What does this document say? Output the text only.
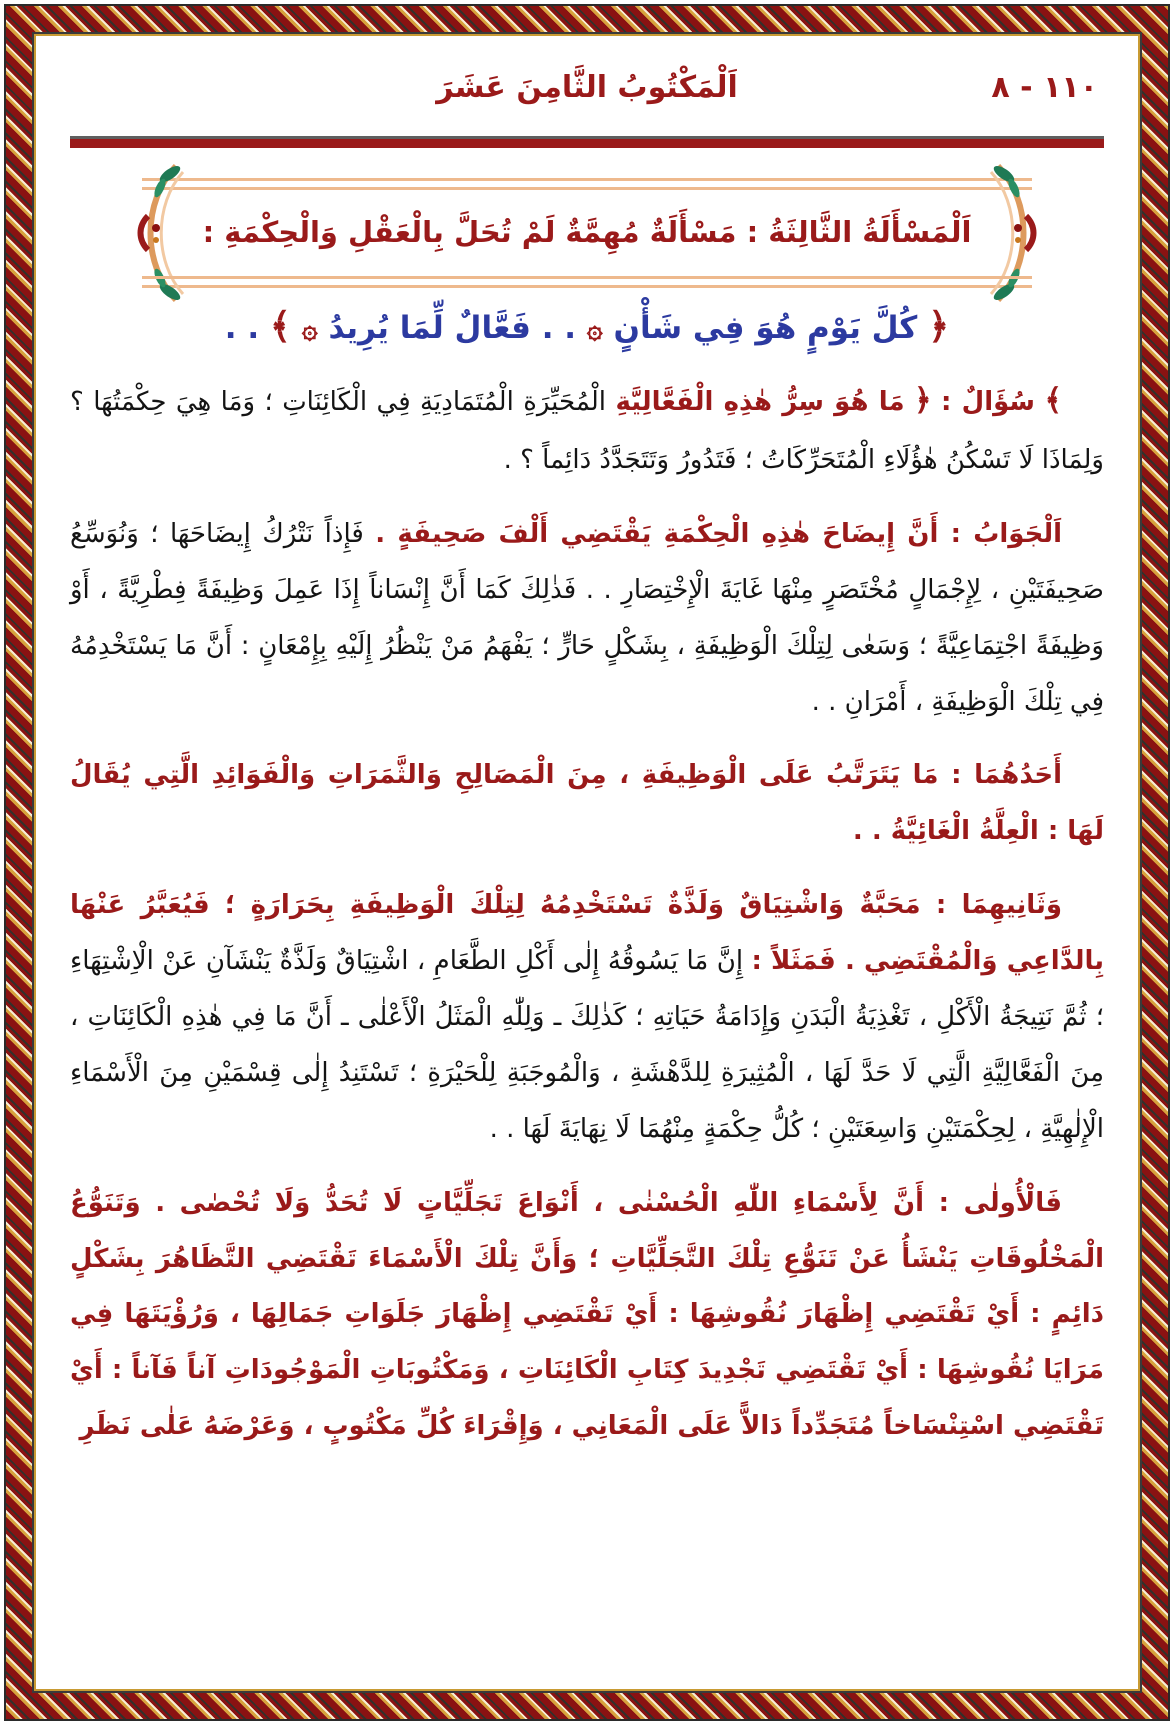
١١٠ - ٨
اَلْمَكْتُوبُ الثَّامِنَ عَشَرَ
اَلْمَسْأَلَةُ الثَّالِثَةُ : مَسْأَلَةٌ مُهِمَّةٌ لَمْ تُحَلَّ بِالْعَقْلِ وَالْحِكْمَةِ :
﴿ كُلَّ يَوْمٍ هُوَ فِي شَأْنٍ ۞ . . فَعَّالٌ لِّمَا يُرِيدُ ۞ ﴾ . .

﴾ سُؤَالٌ : ﴿ مَا هُوَ سِرُّ هٰذِهِ الْفَعَّالِيَّةِ الْمُحَيِّرَةِ الْمُتَمَادِيَةِ فِي الْكَائِنَاتِ ؛ وَمَا هِيَ حِكْمَتُهَا ؟ وَلِمَاذَا لَا تَسْكُنُ هٰؤُلَاءِ الْمُتَحَرِّكَاتُ ؛ فَتَدُورُ وَتَتَجَدَّدُ دَائِماً ؟ .

اَلْجَوَابُ : أَنَّ إِيضَاحَ هٰذِهِ الْحِكْمَةِ يَقْتَضِي أَلْفَ صَحِيفَةٍ . فَإِذاً نَتْرُكُ إِيضَاحَهَا ؛ وَنُوَسِّعُ صَحِيفَتَيْنِ ، لِإِجْمَالٍ مُخْتَصَرٍ مِنْهَا غَايَةَ الْإِخْتِصَارِ . . فَذٰلِكَ كَمَا أَنَّ إِنْسَاناً إِذَا عَمِلَ وَظِيفَةً فِطْرِيَّةً ، أَوْ وَظِيفَةً اجْتِمَاعِيَّةً ؛ وَسَعٰى لِتِلْكَ الْوَظِيفَةِ ، بِشَكْلٍ حَارٍّ ؛ يَفْهَمُ مَنْ يَنْظُرُ إِلَيْهِ بِإِمْعَانٍ : أَنَّ مَا يَسْتَخْدِمُهُ فِي تِلْكَ الْوَظِيفَةِ ، أَمْرَانِ . .

أَحَدُهُمَا : مَا يَتَرَتَّبُ عَلَى الْوَظِيفَةِ ، مِنَ الْمَصَالِحِ وَالثَّمَرَاتِ وَالْفَوَائِدِ الَّتِي يُقَالُ لَهَا : الْعِلَّةُ الْغَائِيَّةُ . .

وَثَانِيهِمَا : مَحَبَّةٌ وَاشْتِيَاقٌ وَلَذَّةٌ تَسْتَخْدِمُهُ لِتِلْكَ الْوَظِيفَةِ بِحَرَارَةٍ ؛ فَيُعَبَّرُ عَنْهَا بِالدَّاعِي وَالْمُقْتَضِي . فَمَثَلاً : إِنَّ مَا يَسُوقُهُ إِلٰى أَكْلِ الطَّعَامِ ، اشْتِيَاقٌ وَلَذَّةٌ يَنْشَآنِ عَنْ الْاِشْتِهَاءِ ؛ ثُمَّ نَتِيجَةُ الْأَكْلِ ، تَغْذِيَةُ الْبَدَنِ وَإِدَامَةُ حَيَاتِهِ ؛ كَذٰلِكَ ـ وَلِلّٰهِ الْمَثَلُ الْأَعْلٰى ـ أَنَّ مَا فِي هٰذِهِ الْكَائِنَاتِ ، مِنَ الْفَعَّالِيَّةِ الَّتِي لَا حَدَّ لَهَا ، الْمُثِيرَةِ لِلدَّهْشَةِ ، وَالْمُوجَبَةِ لِلْحَيْرَةِ ؛ تَسْتَنِدُ إِلٰى قِسْمَيْنِ مِنَ الْأَسْمَاءِ الْإِلٰهِيَّةِ ، لِحِكْمَتَيْنِ وَاسِعَتَيْنِ ؛ كُلُّ حِكْمَةٍ مِنْهُمَا لَا نِهَايَةَ لَهَا . .

فَالْأُولٰى : أَنَّ لِأَسْمَاءِ اللّٰهِ الْحُسْنٰى ، أَنْوَاعَ تَجَلِّيَّاتٍ لَا تُحَدُّ وَلَا تُحْصٰى . وَتَنَوُّعُ الْمَخْلُوقَاتِ يَنْشَأُ عَنْ تَنَوُّعِ تِلْكَ التَّجَلِّيَّاتِ ؛ وَأَنَّ تِلْكَ الْأَسْمَاءَ تَقْتَضِي التَّظَاهُرَ بِشَكْلٍ دَائِمٍ : أَيْ تَقْتَضِي إِظْهَارَ نُقُوشِهَا : أَيْ تَقْتَضِي إِظْهَارَ جَلَوَاتِ جَمَالِهَا ، وَرُؤْيَتَهَا فِي مَرَايَا نُقُوشِهَا : أَيْ تَقْتَضِي تَجْدِيدَ كِتَابِ الْكَائِنَاتِ ، وَمَكْتُوبَاتِ الْمَوْجُودَاتِ آناً فَآناً : أَيْ تَقْتَضِي اسْتِنْسَاخاً مُتَجَدِّداً دَالاًّ عَلَى الْمَعَانِي ، وَإِقْرَاءَ كُلِّ مَكْتُوبٍ ، وَعَرْضَهُ عَلٰى نَظَرِ
